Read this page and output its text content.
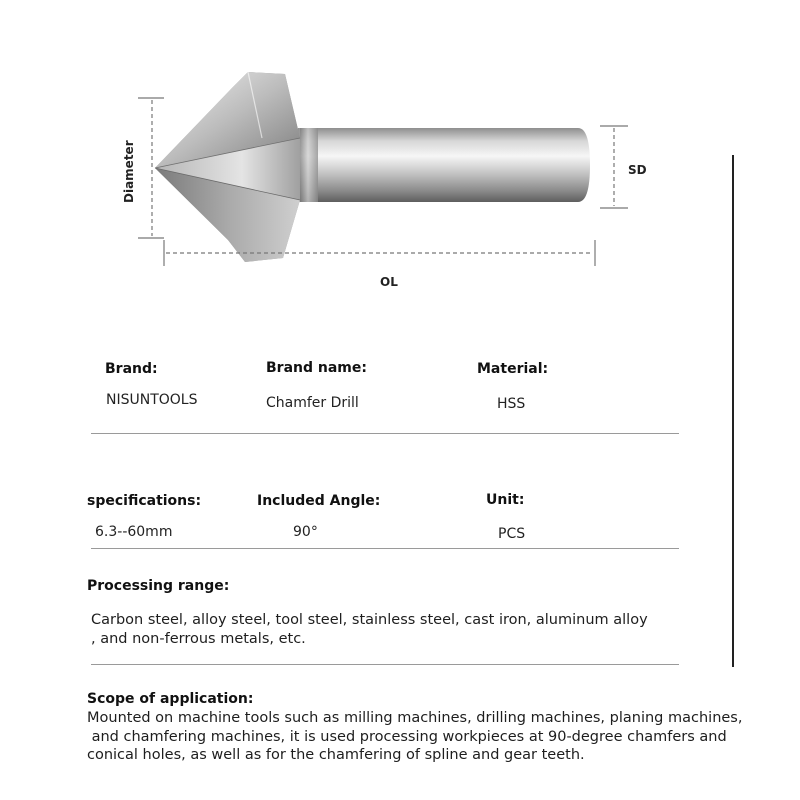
Diameter	SD
OL
Brand:
NISUNTOOLS
Brand name:
Chamfer Drill
Material:
HSS
specifications:
6.3--60mm
Included Angle:
90°
Unit:
PCS
Processing range:
Carbon steel, alloy steel, tool steel, stainless steel, cast iron, aluminum alloy
, and non-ferrous metals, etc.
Scope of application:
Mounted on machine tools such as milling machines, drilling machines, planing machines,
and chamfering machines, it is used processing workpieces at 90-degree chamfers and
conical holes, as well as for the chamfering of spline and gear teeth.
